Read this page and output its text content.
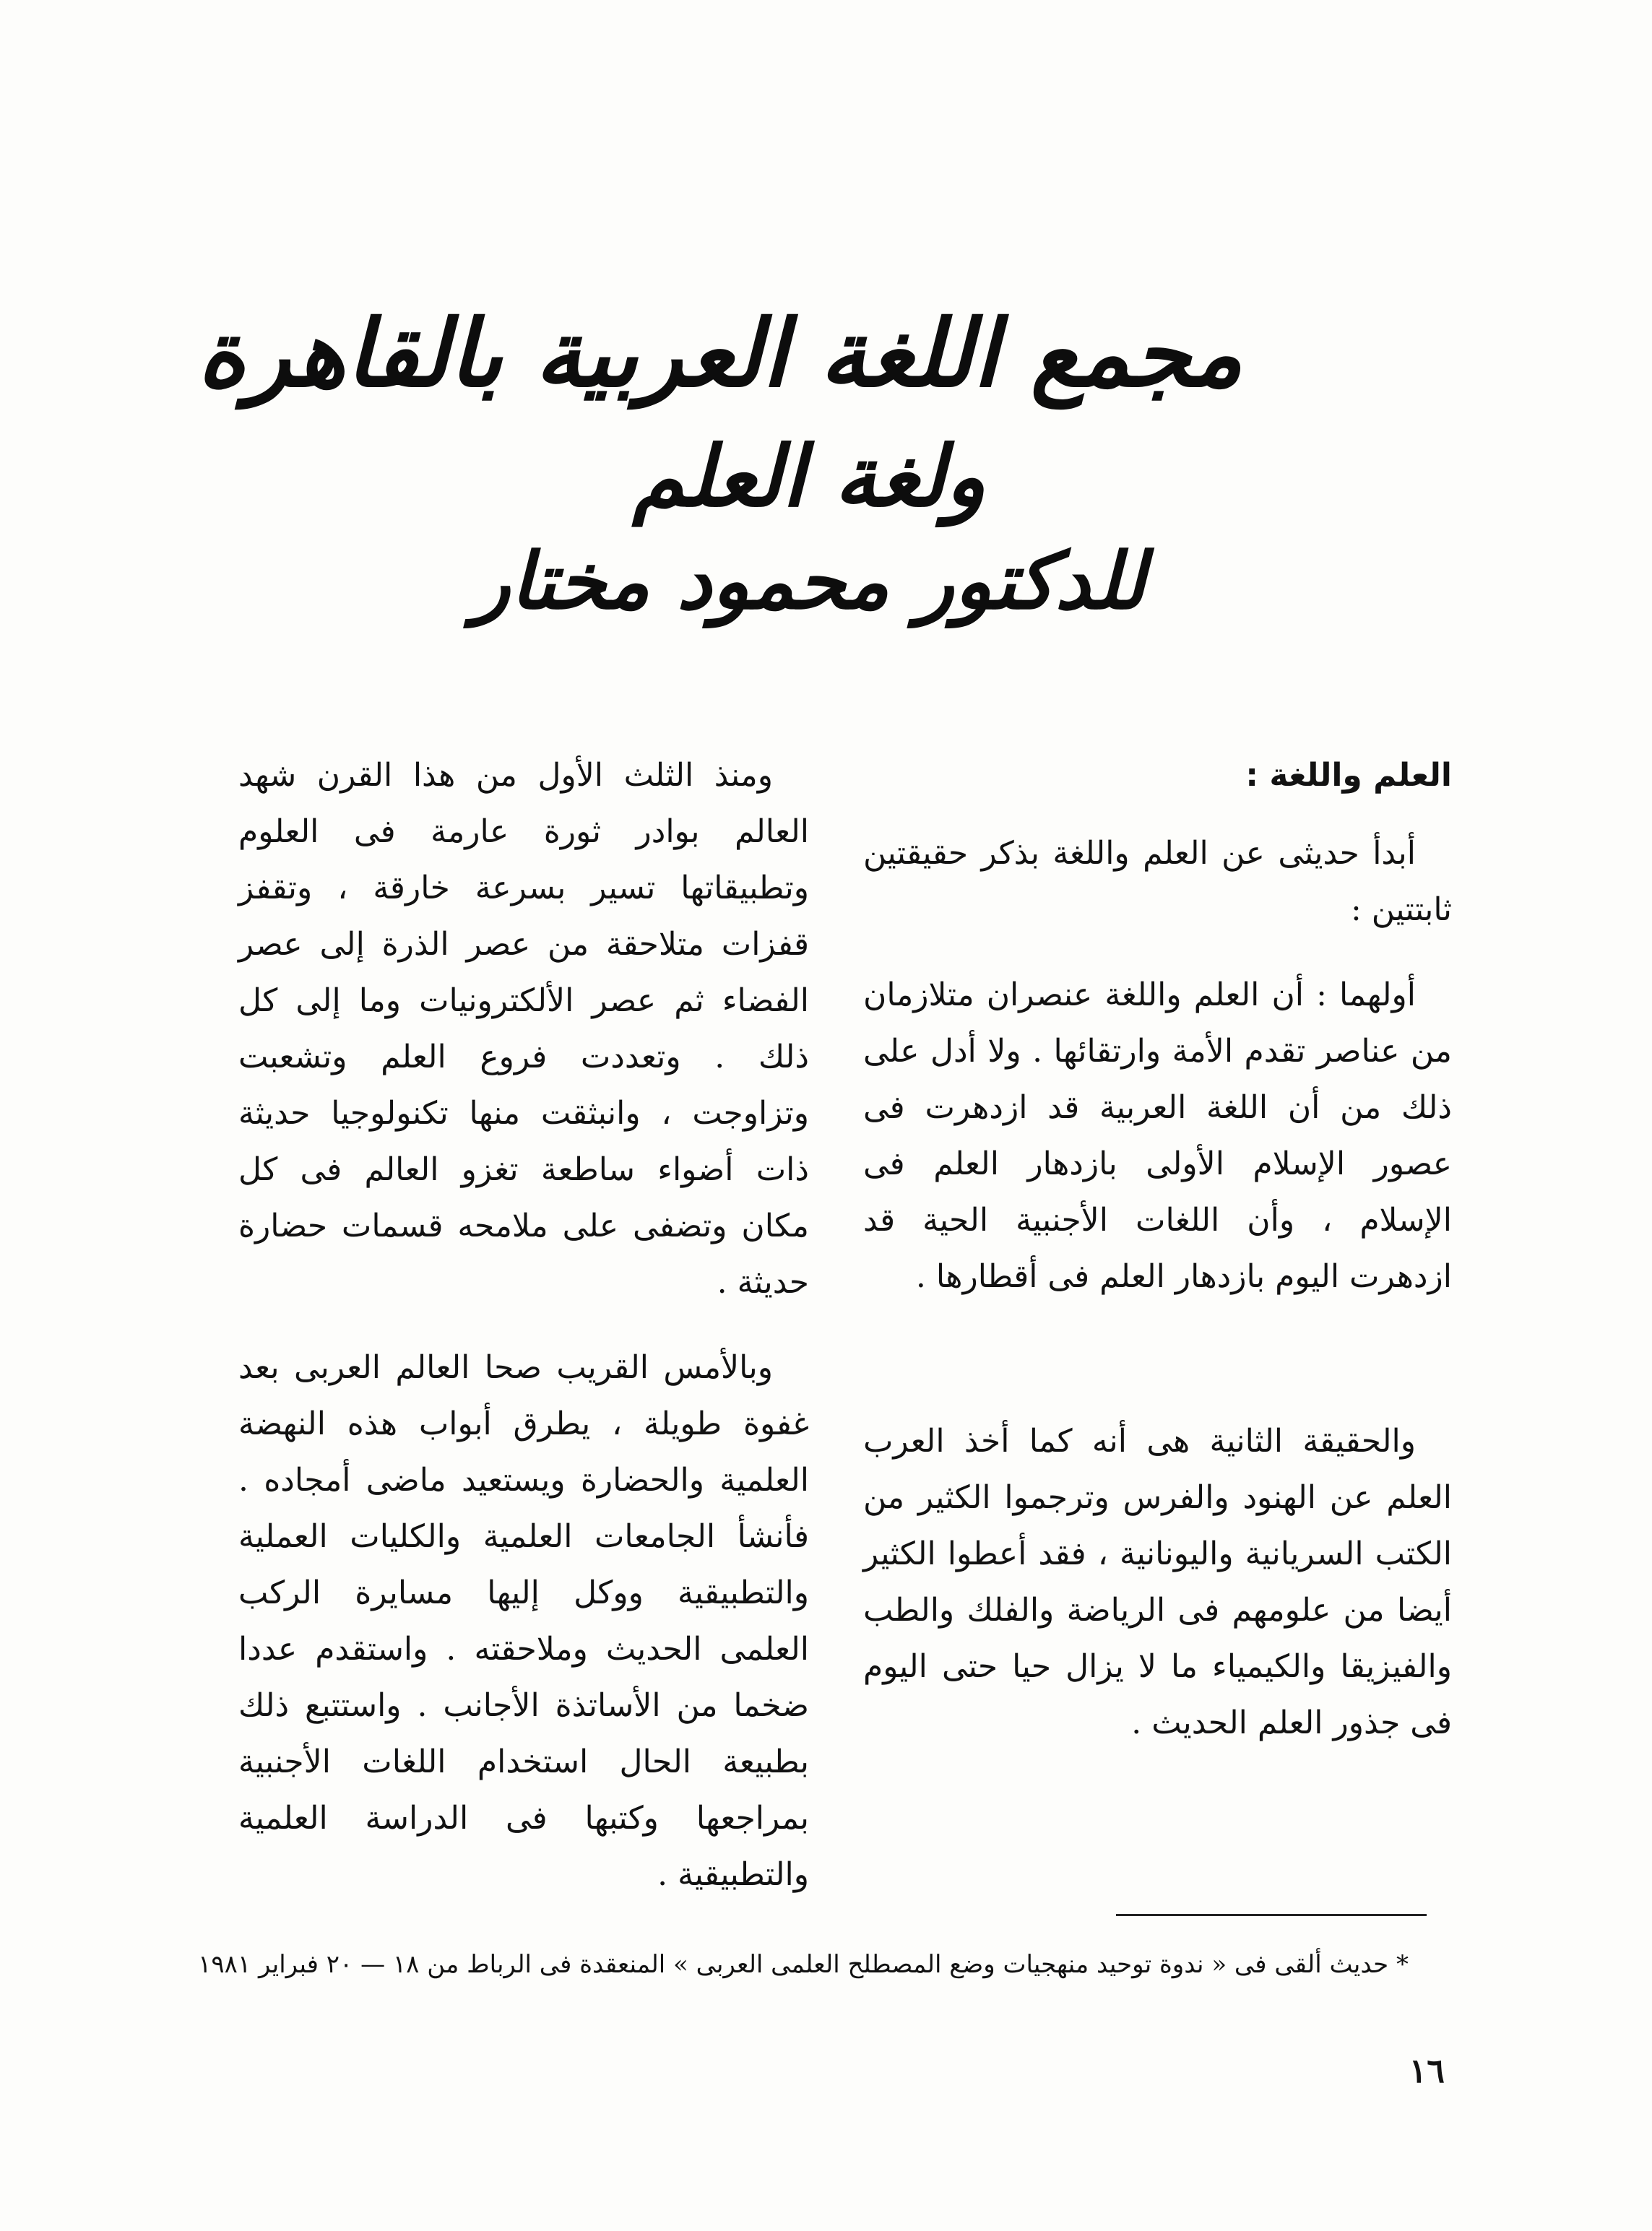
مجمع اللغة العربية بالقاهرة
ولغة العلم
للدكتور محمود مختار

العلم واللغة :

أبدأ حديثى عن العلم واللغة بذكر حقيقتين ثابتتين :

أولهما : أن العلم واللغة عنصران متلازمان من عناصر تقدم الأمة وارتقائها . ولا أدل على ذلك من أن اللغة العربية قد ازدهرت فى عصور الإسلام الأولى بازدهار العلم فى الإسلام ، وأن اللغات الأجنبية الحية قد ازدهرت اليوم بازدهار العلم فى أقطارها .

والحقيقة الثانية هى أنه كما أخذ العرب العلم عن الهنود والفرس وترجموا الكثير من الكتب السريانية واليونانية ، فقد أعطوا الكثير أيضا من علومهم فى الرياضة والفلك والطب والفيزيقا والكيمياء ما لا يزال حيا حتى اليوم فى جذور العلم الحديث .

ومنذ الثلث الأول من هذا القرن شهد العالم بوادر ثورة عارمة فى العلوم وتطبيقاتها تسير بسرعة خارقة ، وتقفز قفزات متلاحقة من عصر الذرة إلى عصر الفضاء ثم عصر الألكترونيات وما إلى كل ذلك . وتعددت فروع العلم وتشعبت وتزاوجت ، وانبثقت منها تكنولوجيا حديثة ذات أضواء ساطعة تغزو العالم فى كل مكان وتضفى على ملامحه قسمات حضارة حديثة .

وبالأمس القريب صحا العالم العربى بعد غفوة طويلة ، يطرق أبواب هذه النهضة العلمية والحضارة ويستعيد ماضى أمجاده . فأنشأ الجامعات العلمية والكليات العملية والتطبيقية ووكل إليها مسايرة الركب العلمى الحديث وملاحقته . واستقدم عددا ضخما من الأساتذة الأجانب . واستتبع ذلك بطبيعة الحال استخدام اللغات الأجنبية بمراجعها وكتبها فى الدراسة العلمية والتطبيقية .

* حديث ألقى فى « ندوة توحيد منهجيات وضع المصطلح العلمى العربى » المنعقدة فى الرباط من ١٨ — ٢٠ فبراير ١٩٨١
١٦
